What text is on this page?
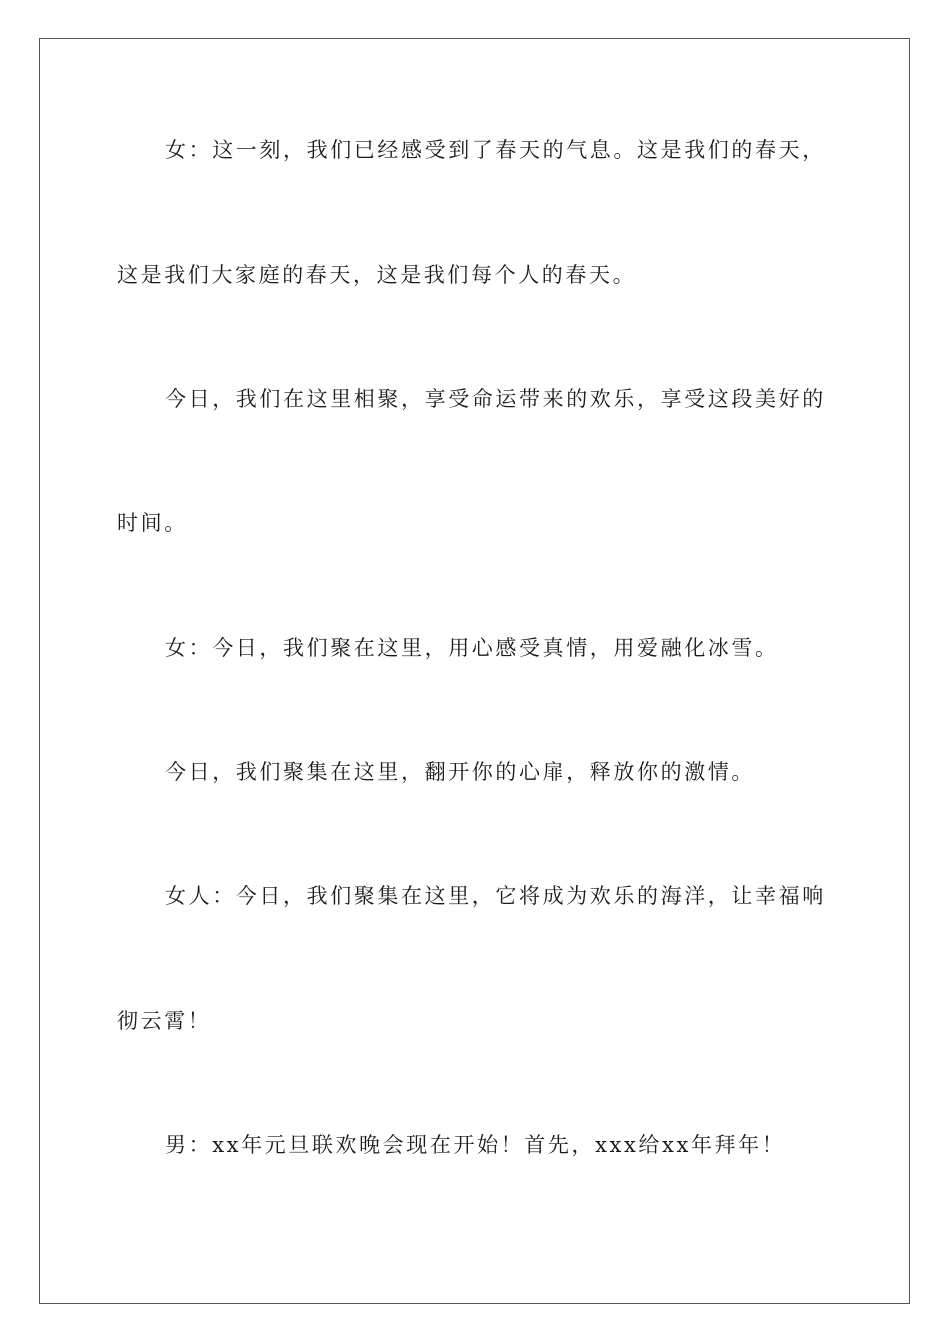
女：这一刻，我们已经感受到了春天的气息。这是我们的春天，
这是我们大家庭的春天，这是我们每个人的春天。
今日，我们在这里相聚，享受命运带来的欢乐，享受这段美好的
时间。
女：今日，我们聚在这里，用心感受真情，用爱融化冰雪。
今日，我们聚集在这里，翻开你的心扉，释放你的激情。
女人：今日，我们聚集在这里，它将成为欢乐的海洋，让幸福响
彻云霄！
男：xx年元旦联欢晚会现在开始！首先，xxx给xx年拜年！
